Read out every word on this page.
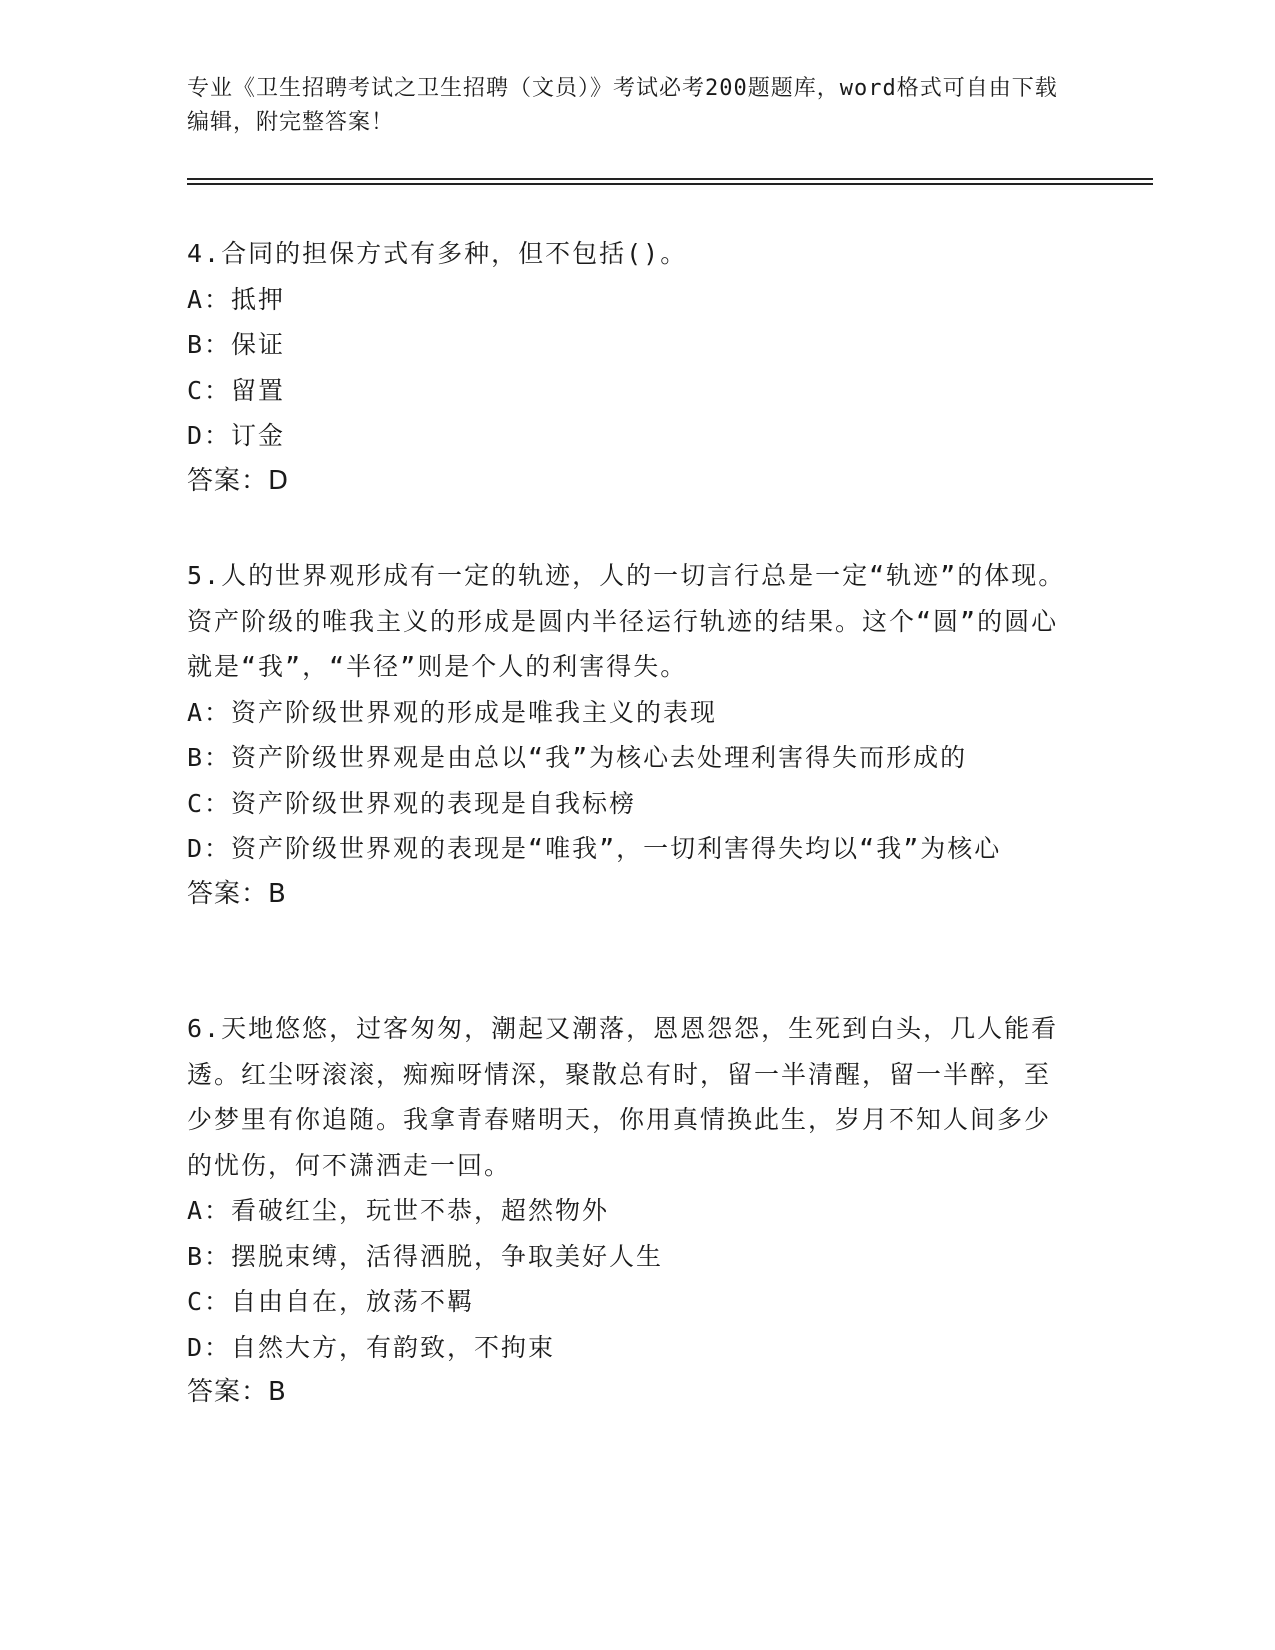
专业《卫生招聘考试之卫生招聘（文员）》考试必考200题题库，word格式可自由下载编辑，附完整答案！

4.合同的担保方式有多种，但不包括()。

A：抵押

B：保证

C：留置

D：订金

答案：D

5.人的世界观形成有一定的轨迹，人的一切言行总是一定“轨迹”的体现。资产阶级的唯我主义的形成是圆内半径运行轨迹的结果。这个“圆”的圆心就是“我”，“半径”则是个人的利害得失。

A：资产阶级世界观的形成是唯我主义的表现

B：资产阶级世界观是由总以“我”为核心去处理利害得失而形成的

C：资产阶级世界观的表现是自我标榜

D：资产阶级世界观的表现是“唯我”，一切利害得失均以“我”为核心

答案：B

6.天地悠悠，过客匆匆，潮起又潮落，恩恩怨怨，生死到白头，几人能看透。红尘呀滚滚，痴痴呀情深，聚散总有时，留一半清醒，留一半醉，至少梦里有你追随。我拿青春赌明天，你用真情换此生，岁月不知人间多少的忧伤，何不潇洒走一回。

A：看破红尘，玩世不恭，超然物外

B：摆脱束缚，活得洒脱，争取美好人生

C：自由自在，放荡不羁

D：自然大方，有韵致，不拘束

答案：B
